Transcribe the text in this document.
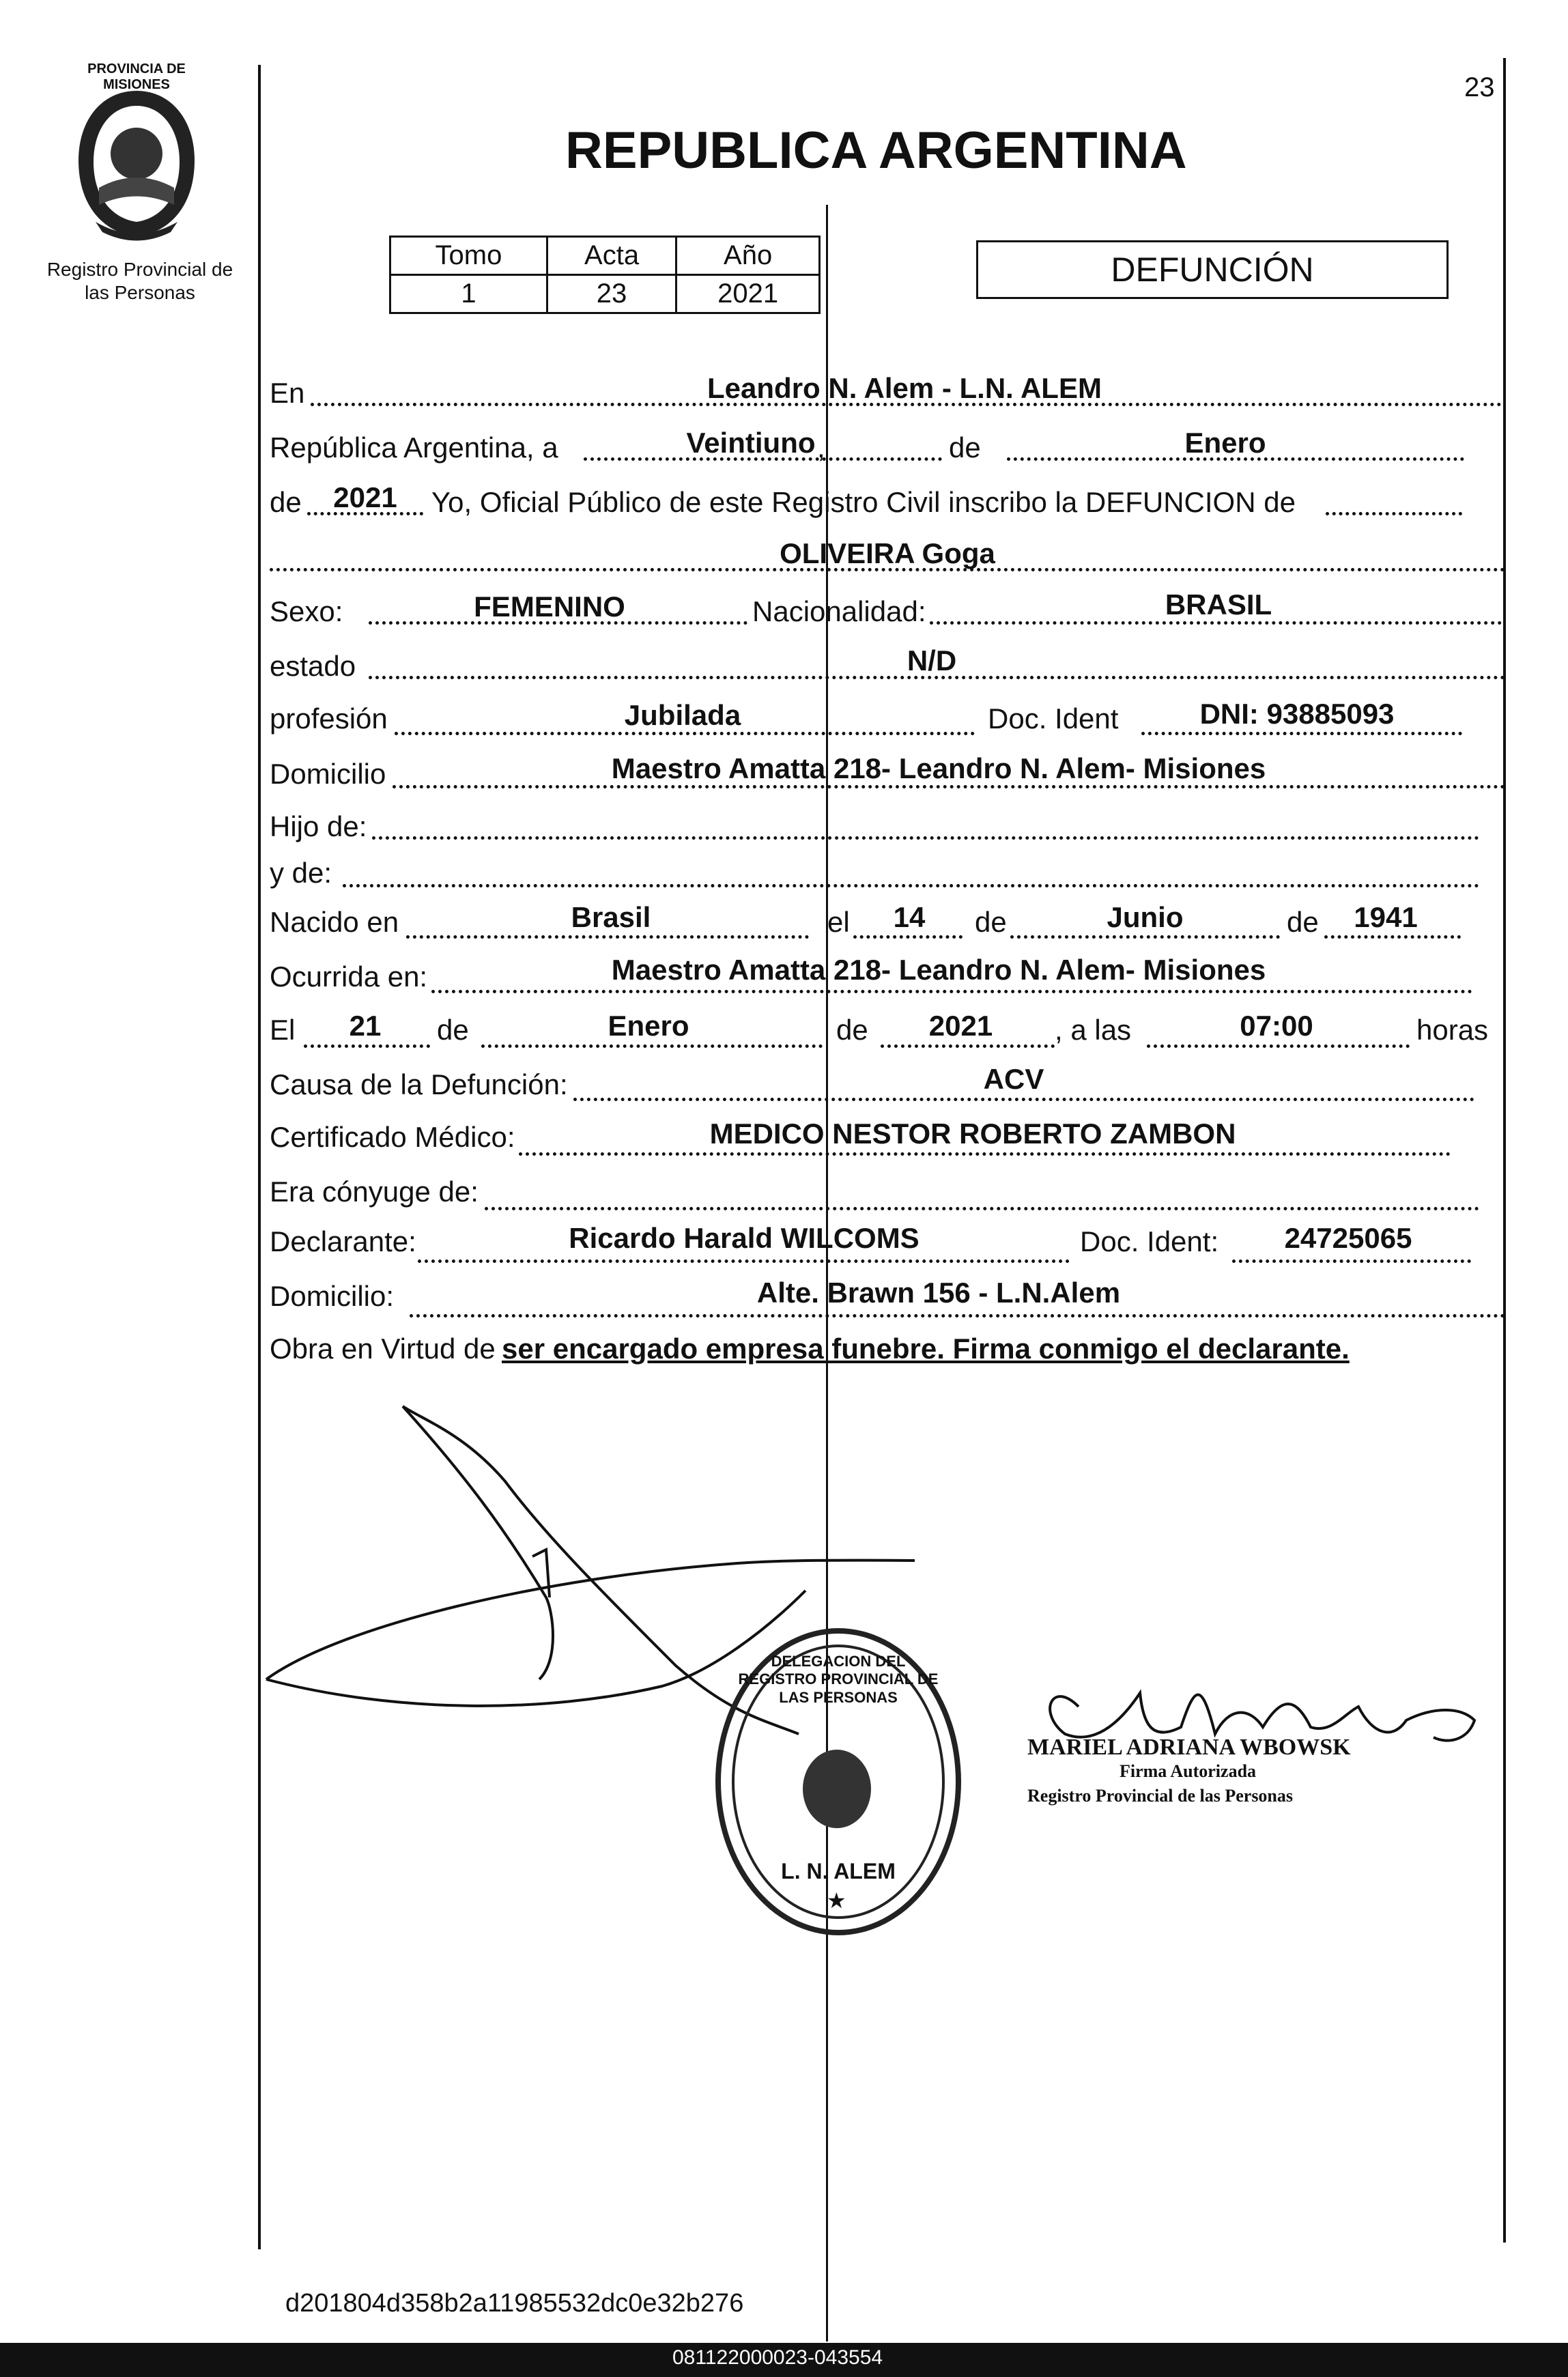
23
PROVINCIA DE MISIONES
Registro Provincial de las Personas
REPUBLICA ARGENTINA
Tomo	Acta	Año
1	23	2021
DEFUNCIÓN
En	Leandro N. Alem - L.N. ALEM
República Argentina, a	Veintiuno ,	de	Enero
de	2021	Yo, Oficial Público de este Registro Civil inscribo la DEFUNCION de
OLIVEIRA Goga
Sexo:	FEMENINO	Nacionalidad:	BRASIL
estado	N/D
profesión	Jubilada	Doc. Ident	DNI: 93885093
Domicilio	Maestro Amatta 218- Leandro N. Alem- Misiones
Hijo de:
y de:
Nacido en	Brasil	el	14	de	Junio	de	1941
Ocurrida en:	Maestro Amatta 218- Leandro N. Alem- Misiones
El	21	de	Enero	de	2021	, a las	07:00	horas
Causa de la Defunción:	ACV
Certificado Médico:	MEDICO NESTOR ROBERTO ZAMBON
Era cónyuge de:
Declarante:	Ricardo Harald WILCOMS	Doc. Ident:	24725065
Domicilio:	Alte. Brawn 156 - L.N.Alem
Obra en Virtud de ser encargado empresa funebre. Firma conmigo el declarante.
DELEGACION DEL REGISTRO PROVINCIAL DE LAS PERSONAS
L. N. ALEM
★
MARIEL ADRIANA WBOWSK
Firma Autorizada
Registro Provincial de las Personas
d201804d358b2a11985532dc0e32b276
081122000023-043554
